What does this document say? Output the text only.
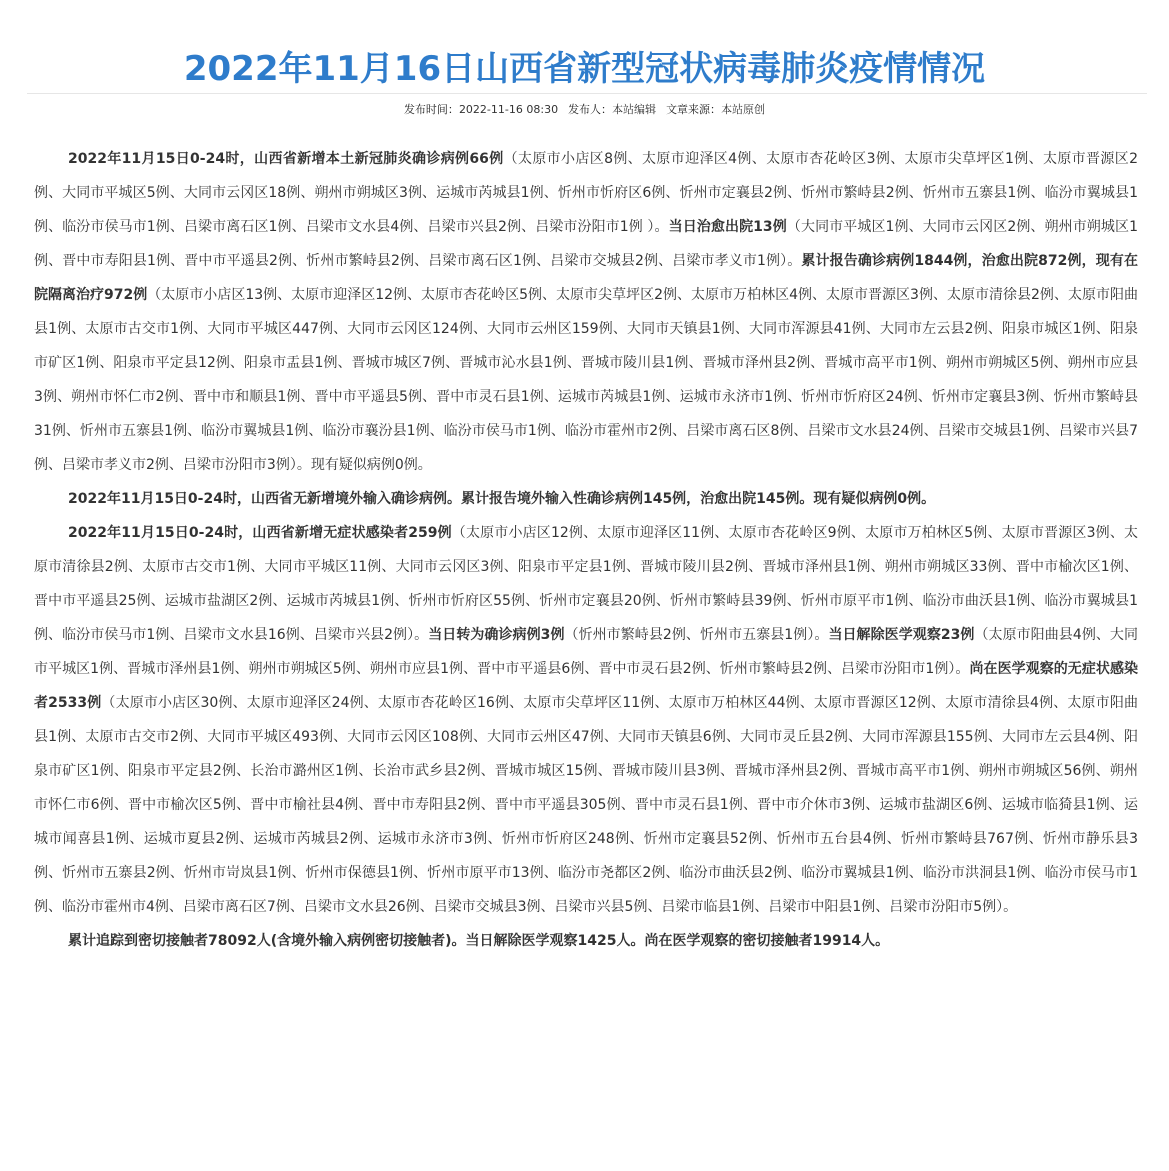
2022年11月16日山西省新型冠状病毒肺炎疫情情况
发布时间：2022-11-16 08:30 发布人：本站编辑 文章来源：本站原创

2022年11月15日0-24时，山西省新增本土新冠肺炎确诊病例66例（太原市小店区8例、太原市迎泽区4例、太原市杏花岭区3例、太原市尖草坪区1例、太原市晋源区2例、大同市平城区5例、大同市云冈区18例、朔州市朔城区3例、运城市芮城县1例、忻州市忻府区6例、忻州市定襄县2例、忻州市繁峙县2例、忻州市五寨县1例、临汾市翼城县1例、临汾市侯马市1例、吕梁市离石区1例、吕梁市文水县4例、吕梁市兴县2例、吕梁市汾阳市1例 ）。当日治愈出院13例（大同市平城区1例、大同市云冈区2例、朔州市朔城区1例、晋中市寿阳县1例、晋中市平遥县2例、忻州市繁峙县2例、吕梁市离石区1例、吕梁市交城县2例、吕梁市孝义市1例）。累计报告确诊病例1844例，治愈出院872例，现有在院隔离治疗972例（太原市小店区13例、太原市迎泽区12例、太原市杏花岭区5例、太原市尖草坪区2例、太原市万柏林区4例、太原市晋源区3例、太原市清徐县2例、太原市阳曲县1例、太原市古交市1例、大同市平城区447例、大同市云冈区124例、大同市云州区159例、大同市天镇县1例、大同市浑源县41例、大同市左云县2例、阳泉市城区1例、阳泉市矿区1例、阳泉市平定县12例、阳泉市盂县1例、晋城市城区7例、晋城市沁水县1例、晋城市陵川县1例、晋城市泽州县2例、晋城市高平市1例、朔州市朔城区5例、朔州市应县3例、朔州市怀仁市2例、晋中市和顺县1例、晋中市平遥县5例、晋中市灵石县1例、运城市芮城县1例、运城市永济市1例、忻州市忻府区24例、忻州市定襄县3例、忻州市繁峙县31例、忻州市五寨县1例、临汾市翼城县1例、临汾市襄汾县1例、临汾市侯马市1例、临汾市霍州市2例、吕梁市离石区8例、吕梁市文水县24例、吕梁市交城县1例、吕梁市兴县7例、吕梁市孝义市2例、吕梁市汾阳市3例）。现有疑似病例0例。

2022年11月15日0-24时，山西省无新增境外输入确诊病例。累计报告境外输入性确诊病例145例，治愈出院145例。现有疑似病例0例。

2022年11月15日0-24时，山西省新增无症状感染者259例（太原市小店区12例、太原市迎泽区11例、太原市杏花岭区9例、太原市万柏林区5例、太原市晋源区3例、太原市清徐县2例、太原市古交市1例、大同市平城区11例、大同市云冈区3例、阳泉市平定县1例、晋城市陵川县2例、晋城市泽州县1例、朔州市朔城区33例、晋中市榆次区1例、晋中市平遥县25例、运城市盐湖区2例、运城市芮城县1例、忻州市忻府区55例、忻州市定襄县20例、忻州市繁峙县39例、忻州市原平市1例、临汾市曲沃县1例、临汾市翼城县1例、临汾市侯马市1例、吕梁市文水县16例、吕梁市兴县2例）。当日转为确诊病例3例（忻州市繁峙县2例、忻州市五寨县1例）。当日解除医学观察23例（太原市阳曲县4例、大同市平城区1例、晋城市泽州县1例、朔州市朔城区5例、朔州市应县1例、晋中市平遥县6例、晋中市灵石县2例、忻州市繁峙县2例、吕梁市汾阳市1例）。尚在医学观察的无症状感染者2533例（太原市小店区30例、太原市迎泽区24例、太原市杏花岭区16例、太原市尖草坪区11例、太原市万柏林区44例、太原市晋源区12例、太原市清徐县4例、太原市阳曲县1例、太原市古交市2例、大同市平城区493例、大同市云冈区108例、大同市云州区47例、大同市天镇县6例、大同市灵丘县2例、大同市浑源县155例、大同市左云县4例、阳泉市矿区1例、阳泉市平定县2例、长治市潞州区1例、长治市武乡县2例、晋城市城区15例、晋城市陵川县3例、晋城市泽州县2例、晋城市高平市1例、朔州市朔城区56例、朔州市怀仁市6例、晋中市榆次区5例、晋中市榆社县4例、晋中市寿阳县2例、晋中市平遥县305例、晋中市灵石县1例、晋中市介休市3例、运城市盐湖区6例、运城市临猗县1例、运城市闻喜县1例、运城市夏县2例、运城市芮城县2例、运城市永济市3例、忻州市忻府区248例、忻州市定襄县52例、忻州市五台县4例、忻州市繁峙县767例、忻州市静乐县3例、忻州市五寨县2例、忻州市岢岚县1例、忻州市保德县1例、忻州市原平市13例、临汾市尧都区2例、临汾市曲沃县2例、临汾市翼城县1例、临汾市洪洞县1例、临汾市侯马市1例、临汾市霍州市4例、吕梁市离石区7例、吕梁市文水县26例、吕梁市交城县3例、吕梁市兴县5例、吕梁市临县1例、吕梁市中阳县1例、吕梁市汾阳市5例）。

累计追踪到密切接触者78092人(含境外输入病例密切接触者)。当日解除医学观察1425人。尚在医学观察的密切接触者19914人。
